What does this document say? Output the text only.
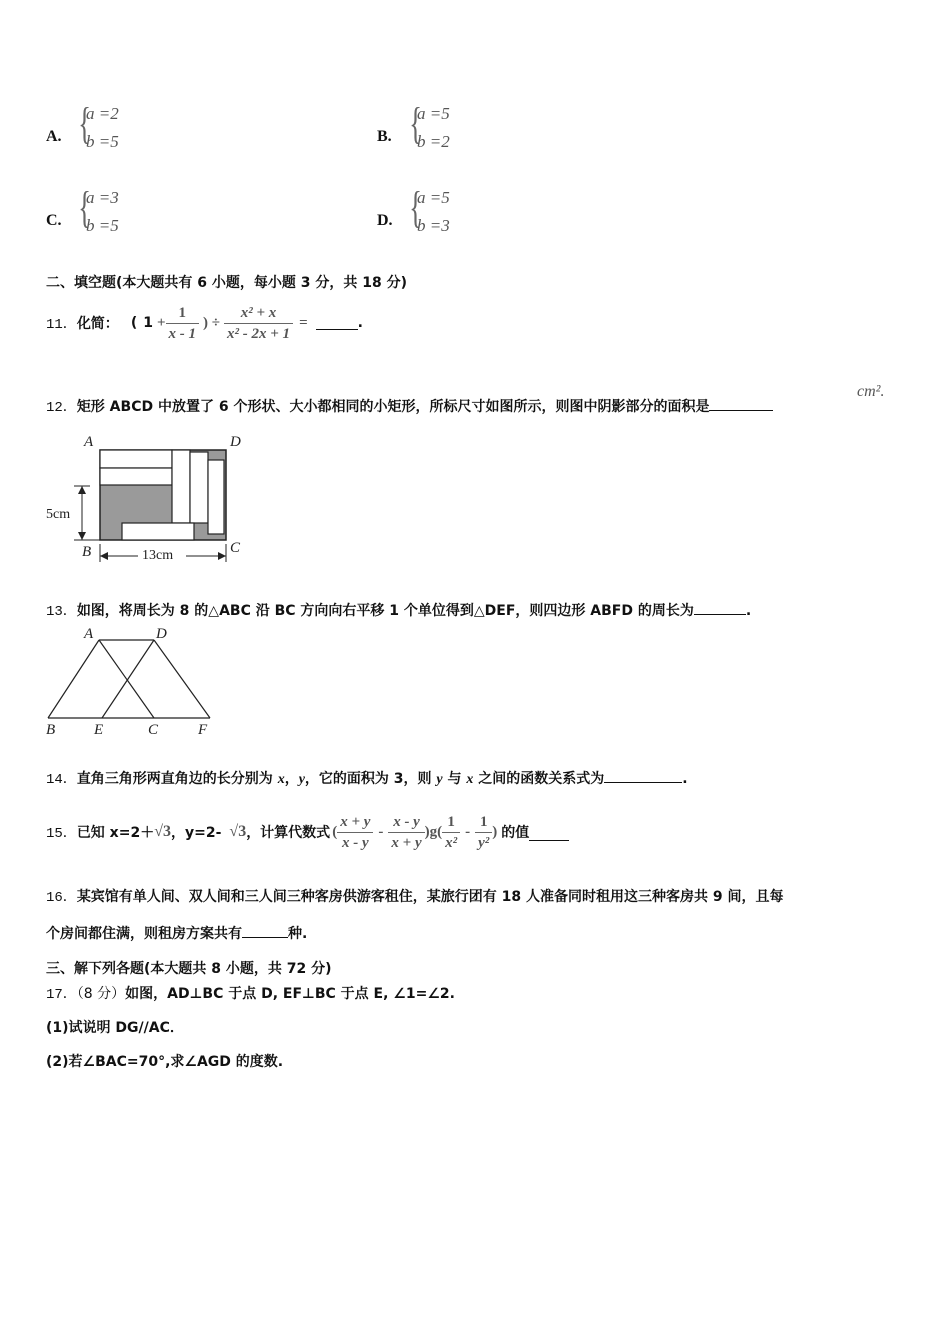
A. {
a =2
b =5	B. {
a =5
b =2
C. {
a =3
b =5	D. {
a =5
b =3
二、填空题(本大题共有 6 小题，每小题 3 分，共 18 分)
11． 化简： ( $1 + \frac{1}{x - 1}$ ) ÷ $\frac{\text{x² + x}}{\text{x² - 2x + 1}}$ =	.
12．矩形 ABCD 中放置了 6 个形状、大小都相同的小矩形，所标尺寸如图所示，则图中阴影部分的面积是
cm².
5cm
13cm
A	D
B	C
13．如图，将周长为 8 的△ABC 沿 BC 方向向右平移 1 个单位得到△DEF，则四边形 ABFD 的周长为	.
A	D
B	E	C	F
14．直角三角形两直角边的长分别为 x，y，它的面积为 3，则 y 与 x 之间的函数关系式为	.
15． 已知 x=2＋ √3 ，y=2- √3 ，计算代数式 ( $\frac{x + y}{x - y} - \frac{x - y}{x + y} )g( \frac{1}{\text{x²}} - \frac{1}{\text{y²}}$ ) 的值
16．某宾馆有单人间、双人间和三人间三种客房供游客租住，某旅行团有 18 人准备同时租用这三种客房共 9 间，且每
个房间都住满，则租房方案共有	种.
三、解下列各题(本大题共 8 小题，共 72 分)
17．（8 分）如图，AD⊥BC 于点 D, EF⊥BC 于点 E, ∠1=∠2.
(1)试说明 DG//AC．
(2)若∠BAC=70°,求∠AGD 的度数.
